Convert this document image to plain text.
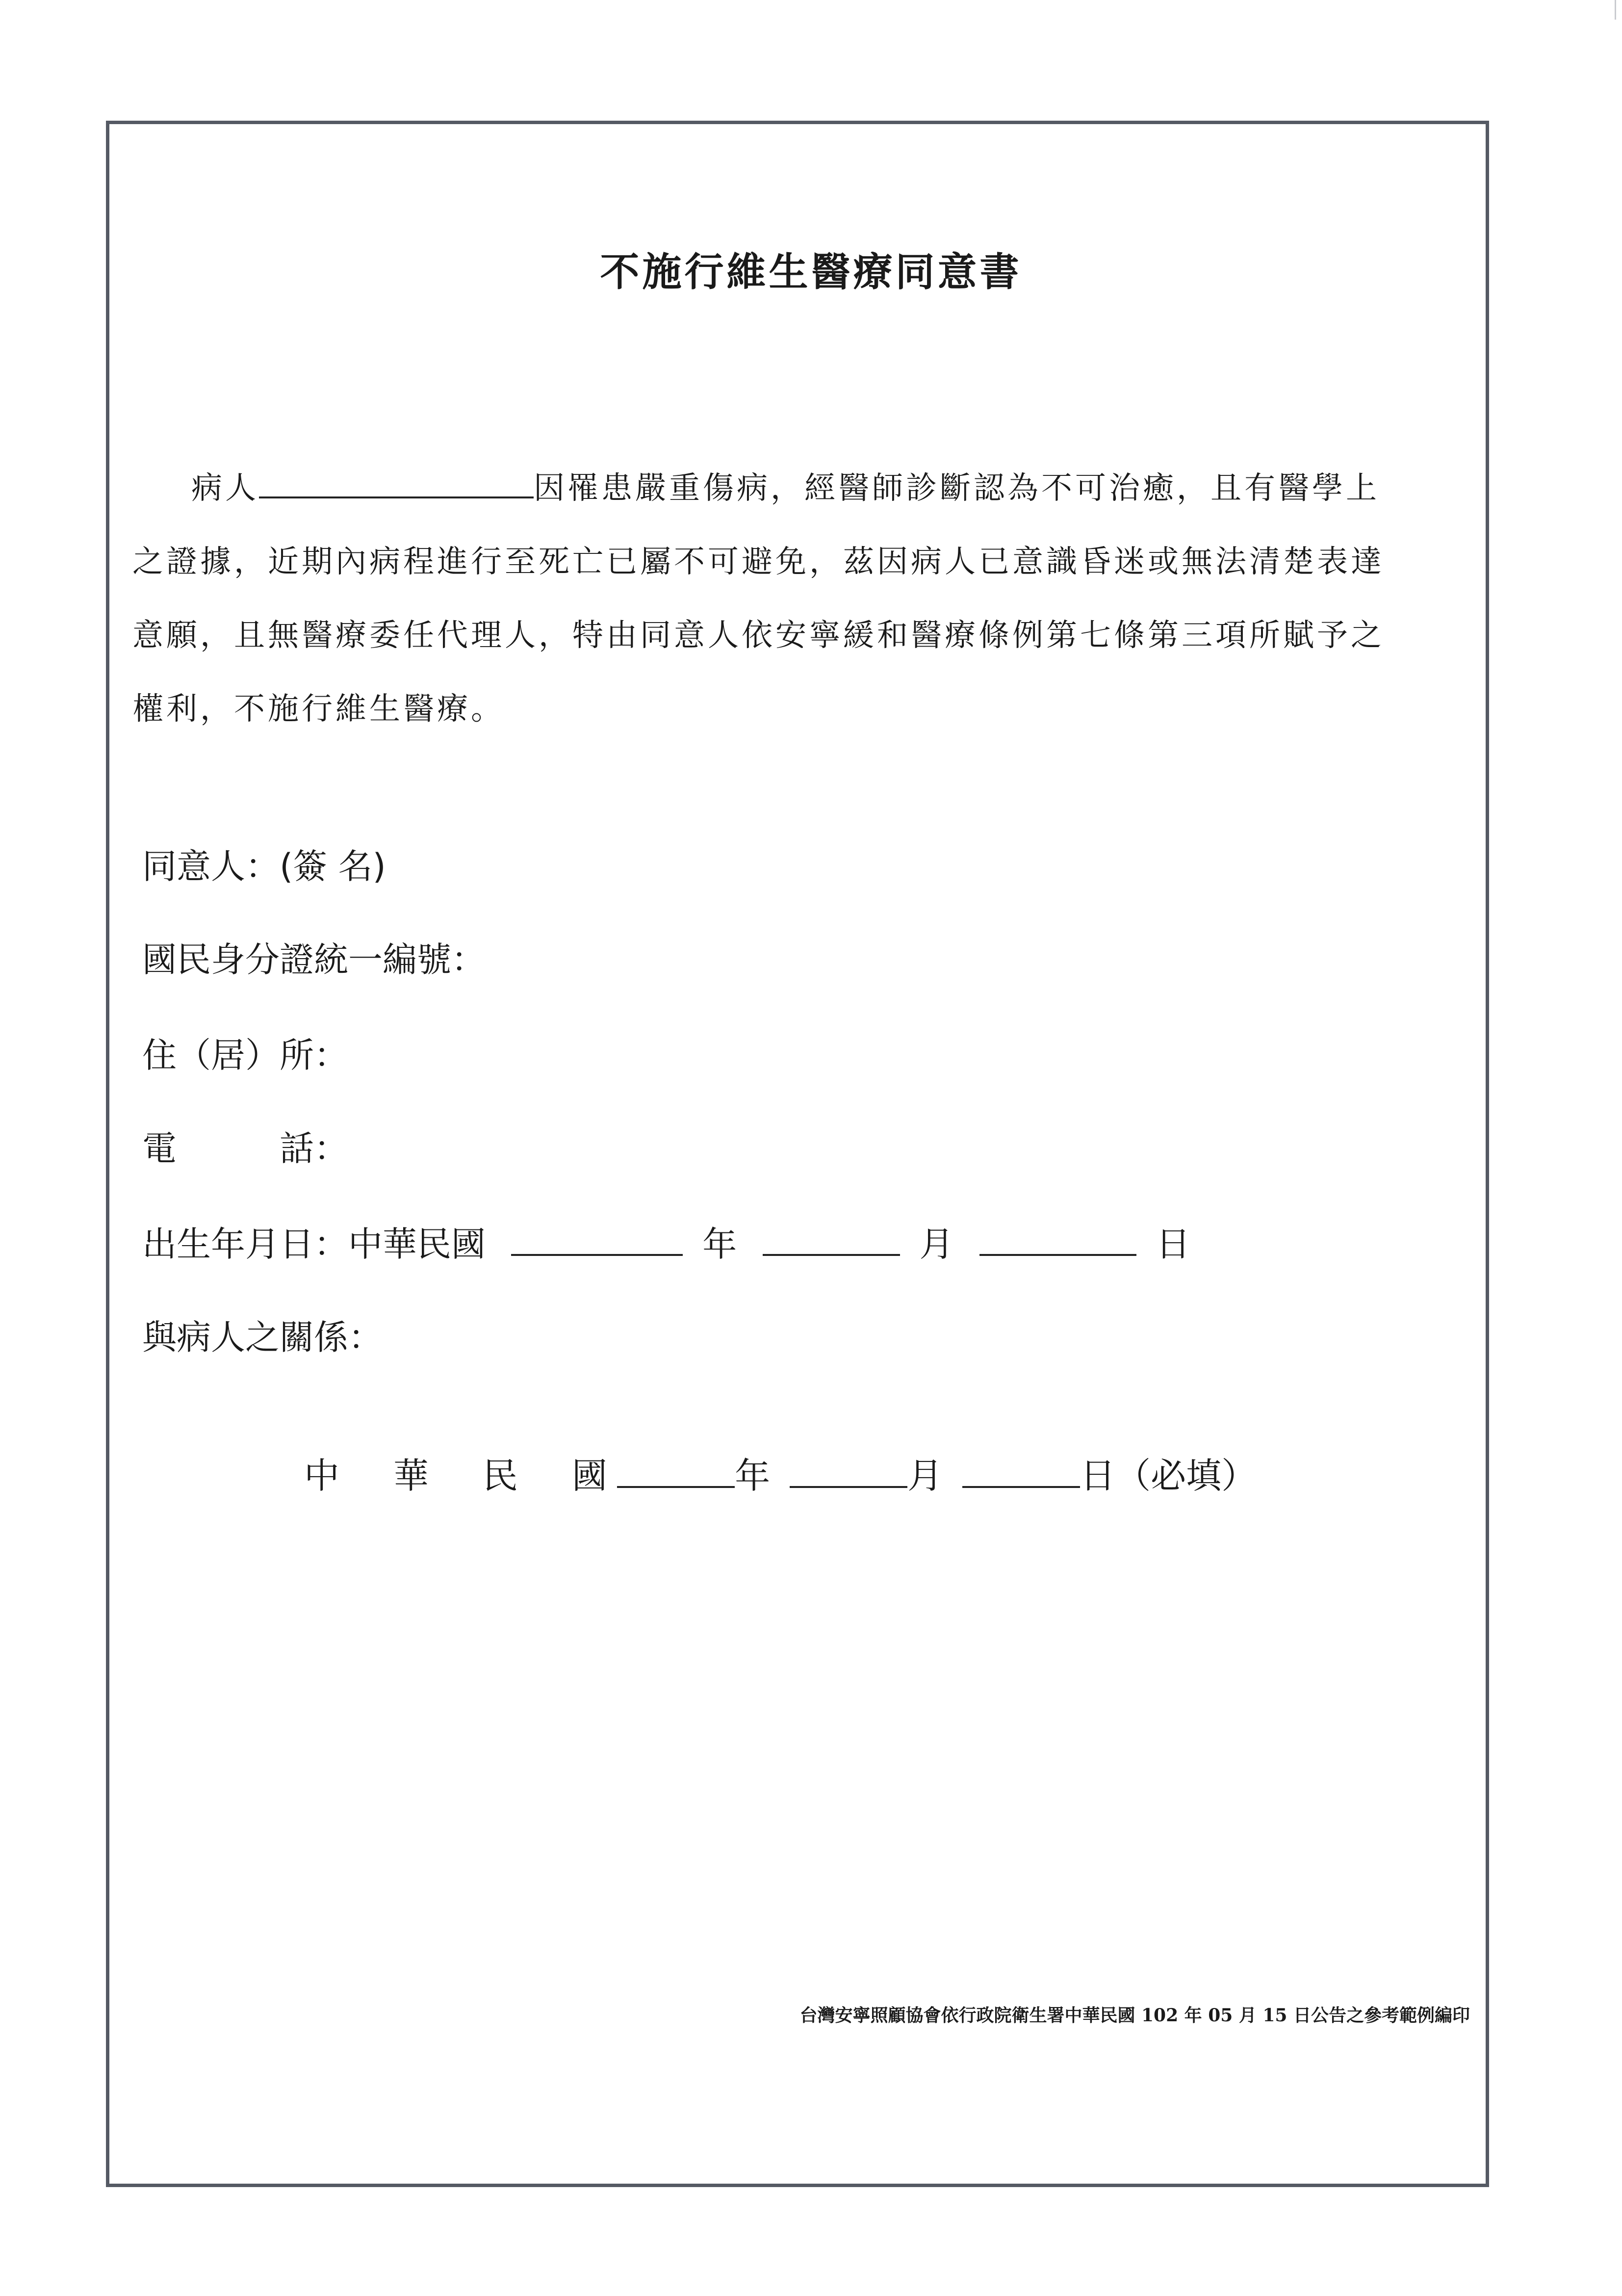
不施行維生醫療同意書
病人	因罹患嚴重傷病，經醫師診斷認為不可治癒，且有醫學上
之證據，近期內病程進行至死亡已屬不可避免，茲因病人已意識昏迷或無法清楚表達
意願，且無醫療委任代理人，特由同意人依安寧緩和醫療條例第七條第三項所賦予之
權利，不施行維生醫療。
同意人：(簽 名)
國民身分證統一編號：
住（居）所：
電	話：
出生年月日：中華民國	年	月	日
與病人之關係：
中 華 民 國	年	月	日（必填）
台灣安寧照顧協會依行政院衛生署中華民國 102 年 05 月 15 日公告之參考範例編印
